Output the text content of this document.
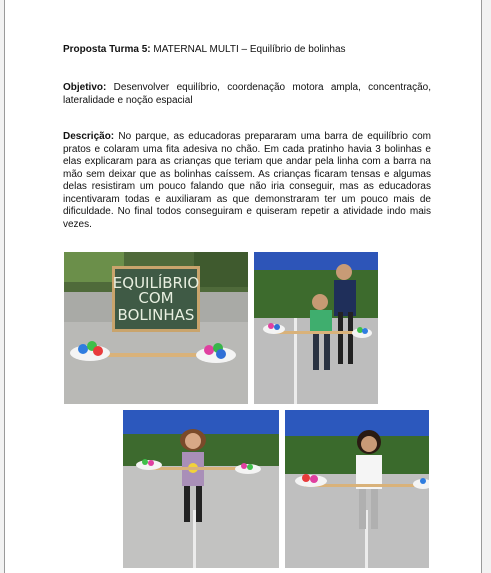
Proposta Turma 5: MATERNAL MULTI – Equilíbrio de bolinhas
Objetivo: Desenvolver equilíbrio, coordenação motora ampla, concentração, lateralidade e noção espacial
Descrição: No parque, as educadoras prepararam uma barra de equilíbrio com pratos e colaram uma fita adesiva no chão. Em cada pratinho havia 3 bolinhas e elas explicaram para as crianças que teriam que andar pela linha com a barra na mão sem deixar que as bolinhas caíssem. As crianças ficaram tensas e algumas delas resistiram um pouco falando que não iria conseguir, mas as educadoras incentivaram todas e auxiliaram as que demonstraram ter um pouco mais de dificuldade. No final todos conseguiram e quiseram repetir a atividade indo mais vezes.
EQUILÍBRIO
COM
BOLINHAS
